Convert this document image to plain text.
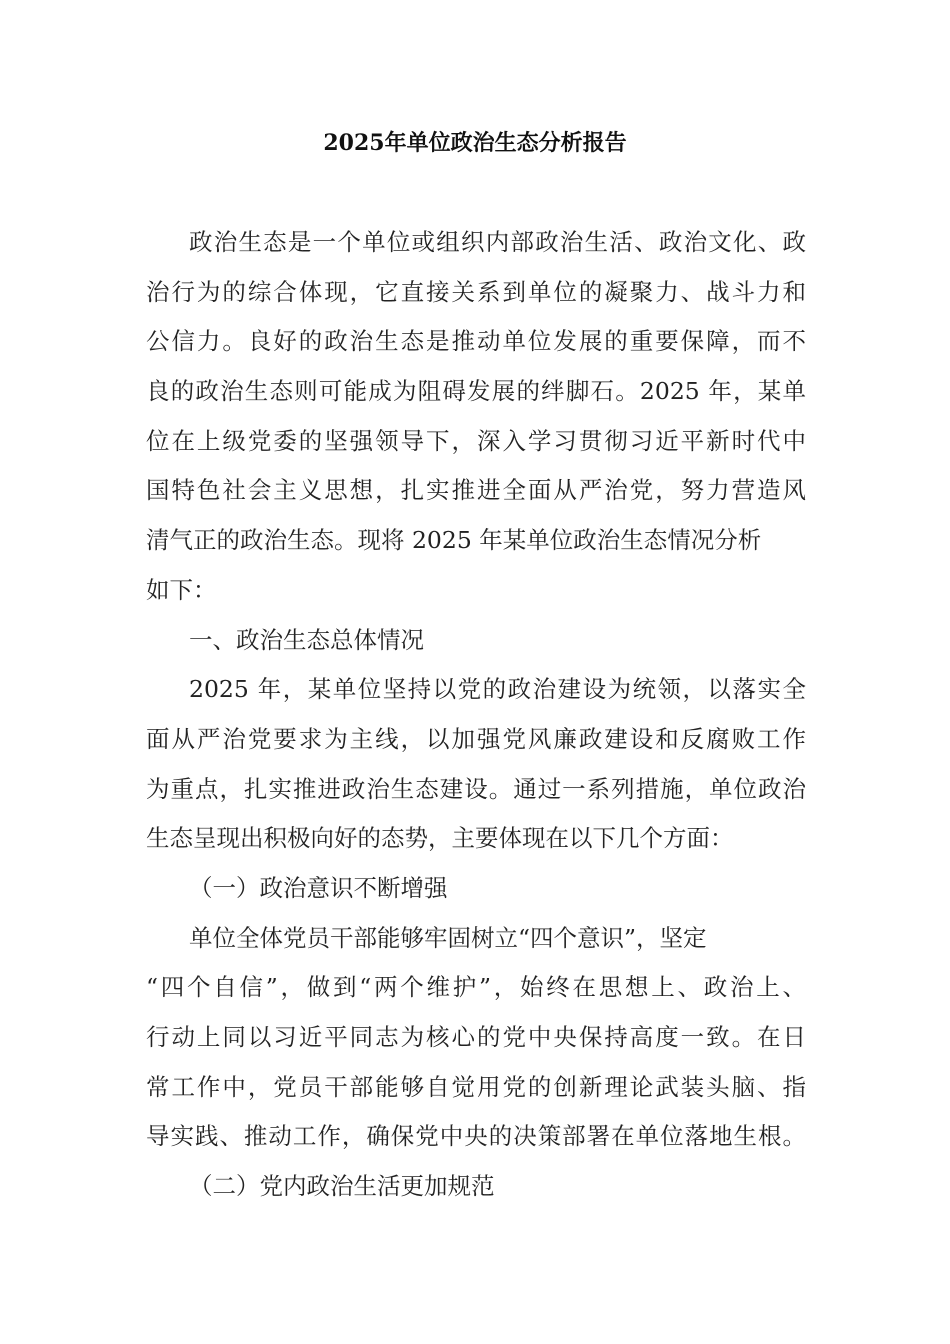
2025年单位政治生态分析报告
政治生态是一个单位或组织内部政治生活、政治文化、政
治行为的综合体现，它直接关系到单位的凝聚力、战斗力和
公信力。良好的政治生态是推动单位发展的重要保障，而不
良的政治生态则可能成为阻碍发展的绊脚石。2025 年，某单
位在上级党委的坚强领导下，深入学习贯彻习近平新时代中
国特色社会主义思想，扎实推进全面从严治党，努力营造风
清气正的政治生态。现将 2025 年某单位政治生态情况分析
如下：
一、政治生态总体情况
2025 年，某单位坚持以党的政治建设为统领，以落实全
面从严治党要求为主线，以加强党风廉政建设和反腐败工作
为重点，扎实推进政治生态建设。通过一系列措施，单位政治
生态呈现出积极向好的态势，主要体现在以下几个方面：
（一）政治意识不断增强
单位全体党员干部能够牢固树立“四个意识”，坚定
“四个自信”，做到“两个维护”，始终在思想上、政治上、
行动上同以习近平同志为核心的党中央保持高度一致。在日
常工作中，党员干部能够自觉用党的创新理论武装头脑、指
导实践、推动工作，确保党中央的决策部署在单位落地生根。
（二）党内政治生活更加规范
